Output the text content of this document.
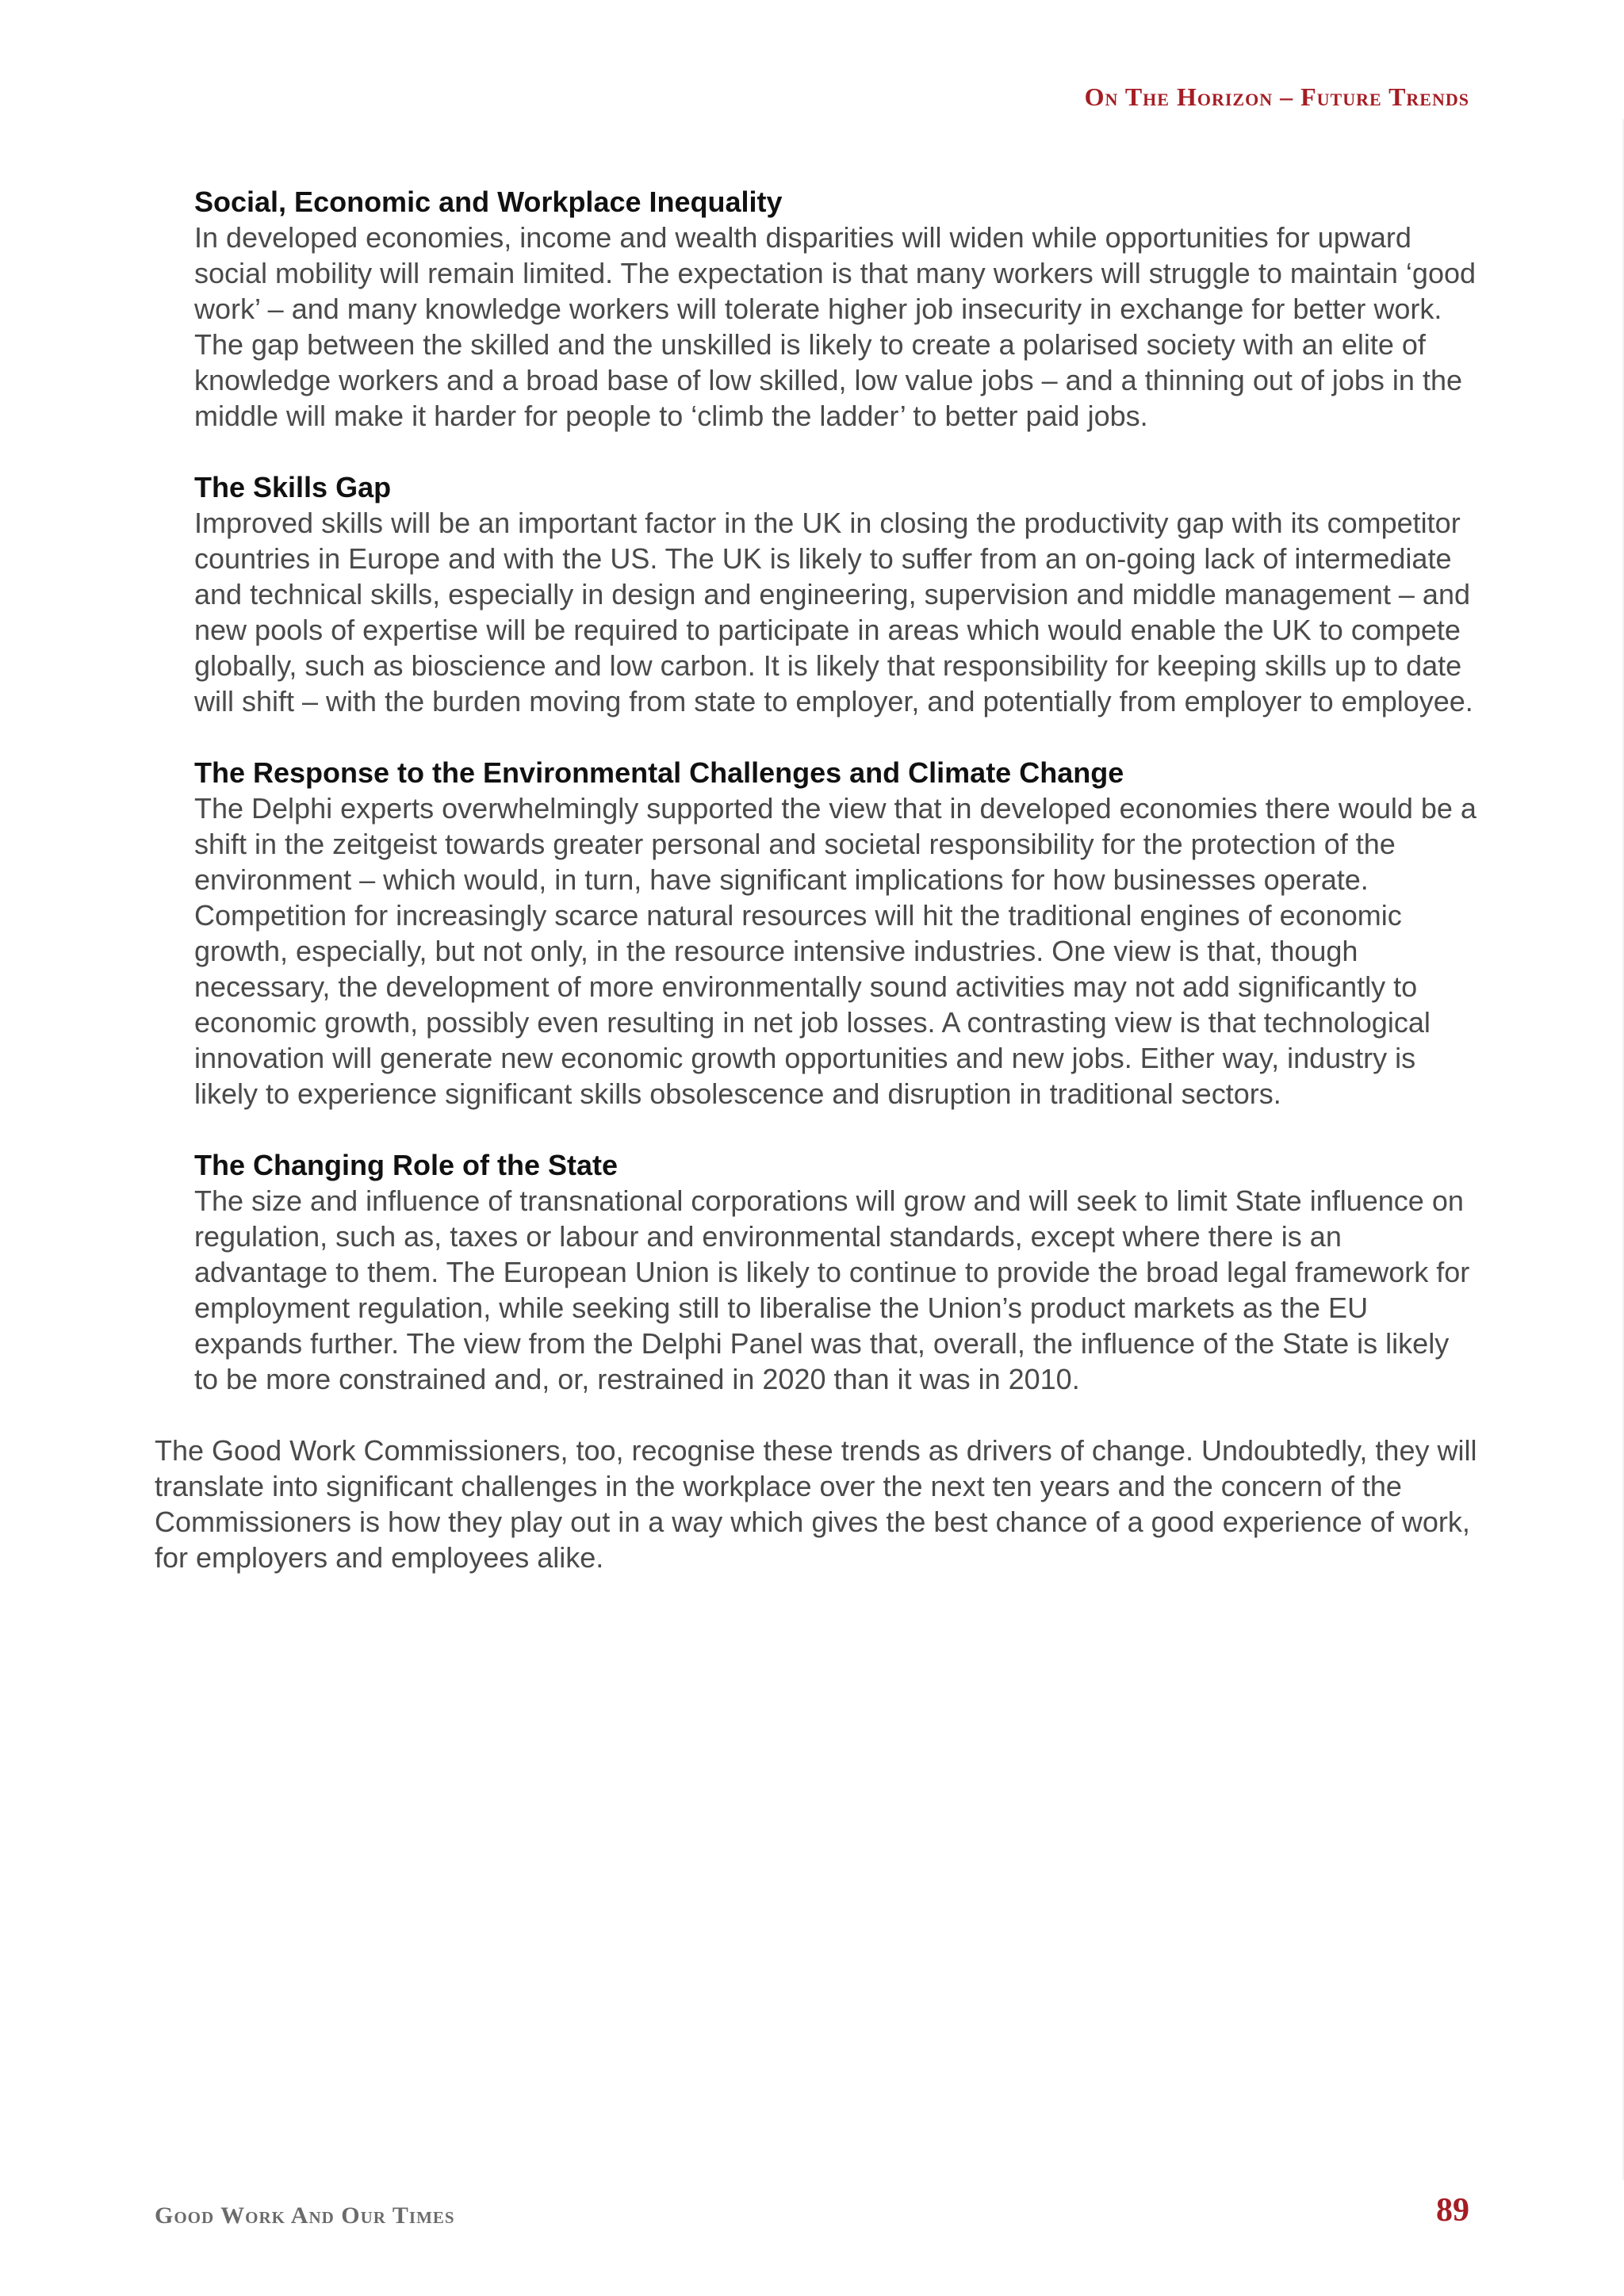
On The Horizon – Future Trends

Social, Economic and Workplace Inequality

In developed economies, income and wealth disparities will widen while opportunities for upward social mobility will remain limited. The expectation is that many workers will struggle to maintain ‘good work’ – and many knowledge workers will tolerate higher job insecurity in exchange for better work. The gap between the skilled and the unskilled is likely to create a polarised society with an elite of knowledge workers and a broad base of low skilled, low value jobs – and a thinning out of jobs in the middle will make it harder for people to ‘climb the ladder’ to better paid jobs.

The Skills Gap

Improved skills will be an important factor in the UK in closing the productivity gap with its competitor countries in Europe and with the US. The UK is likely to suffer from an on-going lack of intermediate and technical skills, especially in design and engineering, supervision and middle management – and new pools of expertise will be required to participate in areas which would enable the UK to compete globally, such as bioscience and low carbon. It is likely that responsibility for keeping skills up to date will shift – with the burden moving from state to employer, and potentially from employer to employee.

The Response to the Environmental Challenges and Climate Change

The Delphi experts overwhelmingly supported the view that in developed economies there would be a shift in the zeitgeist towards greater personal and societal responsibility for the protection of the environment – which would, in turn, have significant implications for how businesses operate. Competition for increasingly scarce natural resources will hit the traditional engines of economic growth, especially, but not only, in the resource intensive industries. One view is that, though necessary, the development of more environmentally sound activities may not add significantly to economic growth, possibly even resulting in net job losses. A contrasting view is that technological innovation will generate new economic growth opportunities and new jobs. Either way, industry is likely to experience significant skills obsolescence and disruption in traditional sectors.

The Changing Role of the State

The size and influence of transnational corporations will grow and will seek to limit State influence on regulation, such as, taxes or labour and environmental standards, except where there is an advantage to them. The European Union is likely to continue to provide the broad legal framework for employment regulation, while seeking still to liberalise the Union’s product markets as the EU expands further. The view from the Delphi Panel was that, overall, the influence of the State is likely to be more constrained and, or, restrained in 2020 than it was in 2010.

The Good Work Commissioners, too, recognise these trends as drivers of change. Undoubtedly, they will translate into significant challenges in the workplace over the next ten years and the concern of the Commissioners is how they play out in a way which gives the best chance of a good experience of work, for employers and employees alike.

Good Work And Our Times	89
